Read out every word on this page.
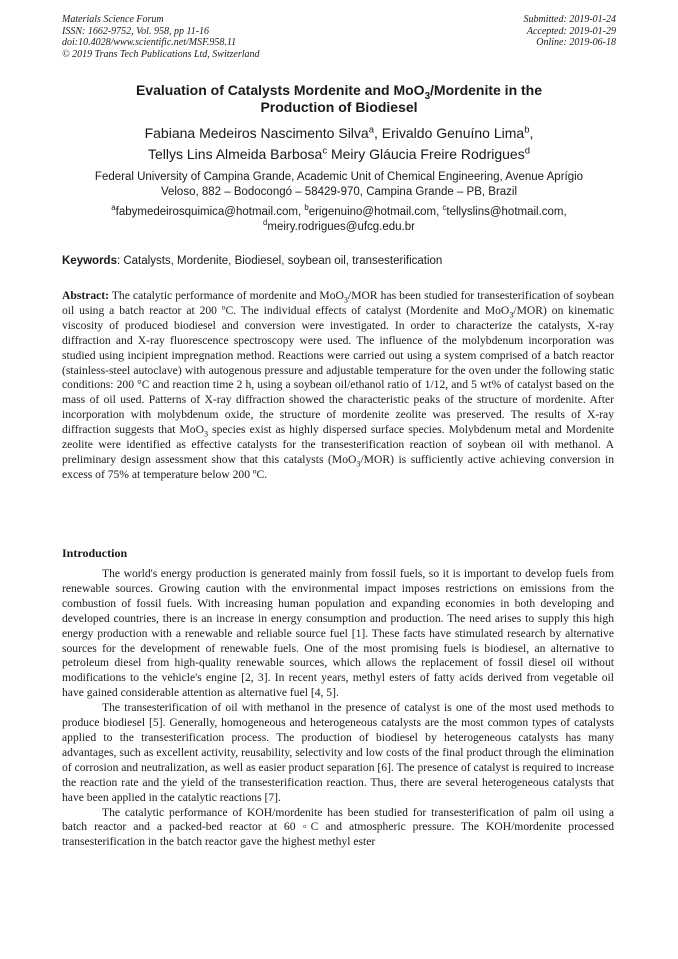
Materials Science Forum
ISSN: 1662-9752, Vol. 958, pp 11-16
doi:10.4028/www.scientific.net/MSF.958.11
© 2019 Trans Tech Publications Ltd, Switzerland
Submitted: 2019-01-24
Accepted: 2019-01-29
Online: 2019-06-18
Evaluation of Catalysts Mordenite and MoO$_3$/Mordenite in the
Production of Biodiesel
Fabiana Medeiros Nascimento Silva$^a$, Erivaldo Genuíno Lima$^b$,
Tellys Lins Almeida Barbosa$^c$ Meiry Gláucia Freire Rodrigues$^d$
Federal University of Campina Grande, Academic Unit of Chemical Engineering, Avenue Aprígio
Veloso, 882 – Bodocongó – 58429-970, Campina Grande – PB, Brazil
$^a$fabymedeirosquimica@hotmail.com, $^b$erigenuino@hotmail.com, $^c$tellyslins@hotmail.com,
$^d$meiry.rodrigues@ufcg.edu.br
Keywords: Catalysts, Mordenite, Biodiesel, soybean oil, transesterification
Abstract: The catalytic performance of mordenite and MoO$_3$/MOR has been studied for transesterification of soybean oil using a batch reactor at 200 ºC. The individual effects of catalyst (Mordenite and MoO$_3$/MOR) on kinematic viscosity of produced biodiesel and conversion were investigated. In order to characterize the catalysts, X-ray diffraction and X-ray fluorescence spectroscopy were used. The influence of the molybdenum incorporation was studied using incipient impregnation method. Reactions were carried out using a system comprised of a batch reactor (stainless-steel autoclave) with autogenous pressure and adjustable temperature for the oven under the following static conditions: 200 °C and reaction time 2 h, using a soybean oil/ethanol ratio of 1/12, and 5 wt% of catalyst based on the mass of oil used. Patterns of X-ray diffraction showed the characteristic peaks of the structure of mordenite. After incorporation with molybdenum oxide, the structure of mordenite zeolite was preserved. The results of X-ray diffraction suggests that MoO$_3$ species exist as highly dispersed surface species. Molybdenum metal and Mordenite zeolite were identified as effective catalysts for the transesterification reaction of soybean oil with methanol. A preliminary design assessment show that this catalysts (MoO$_3$/MOR) is sufficiently active achieving conversion in excess of 75% at temperature below 200 ºC.
Introduction

The world's energy production is generated mainly from fossil fuels, so it is important to develop fuels from renewable sources. Growing caution with the environmental impact imposes restrictions on emissions from the combustion of fossil fuels. With increasing human population and expanding economies in both developing and developed countries, there is an increase in energy consumption and production. The need arises to supply this high energy production with a renewable and reliable source fuel [1]. These facts have stimulated research by alternative sources for the development of renewable fuels. One of the most promising fuels is biodiesel, an alternative to petroleum diesel from high-quality renewable sources, which allows the replacement of fossil diesel oil without modifications to the vehicle's engine [2, 3]. In recent years, methyl esters of fatty acids derived from vegetable oil have gained considerable attention as alternative fuel [4, 5].

The transesterification of oil with methanol in the presence of catalyst is one of the most used methods to produce biodiesel [5]. Generally, homogeneous and heterogeneous catalysts are the most common types of catalysts applied to the transesterification process. The production of biodiesel by heterogeneous catalysts has many advantages, such as excellent activity, reusability, selectivity and low costs of the final product through the elimination of corrosion and neutralization, as well as easier product separation [6]. The presence of catalyst is required to increase the reaction rate and the yield of the transesterification reaction. Thus, there are several heterogeneous catalysts that have been applied in the catalytic reactions [7].

The catalytic performance of KOH/mordenite has been studied for transesterification of palm oil using a batch reactor and a packed-bed reactor at 60 ◦C and atmospheric pressure. The KOH/mordenite processed transesterification in the batch reactor gave the highest methyl ester
